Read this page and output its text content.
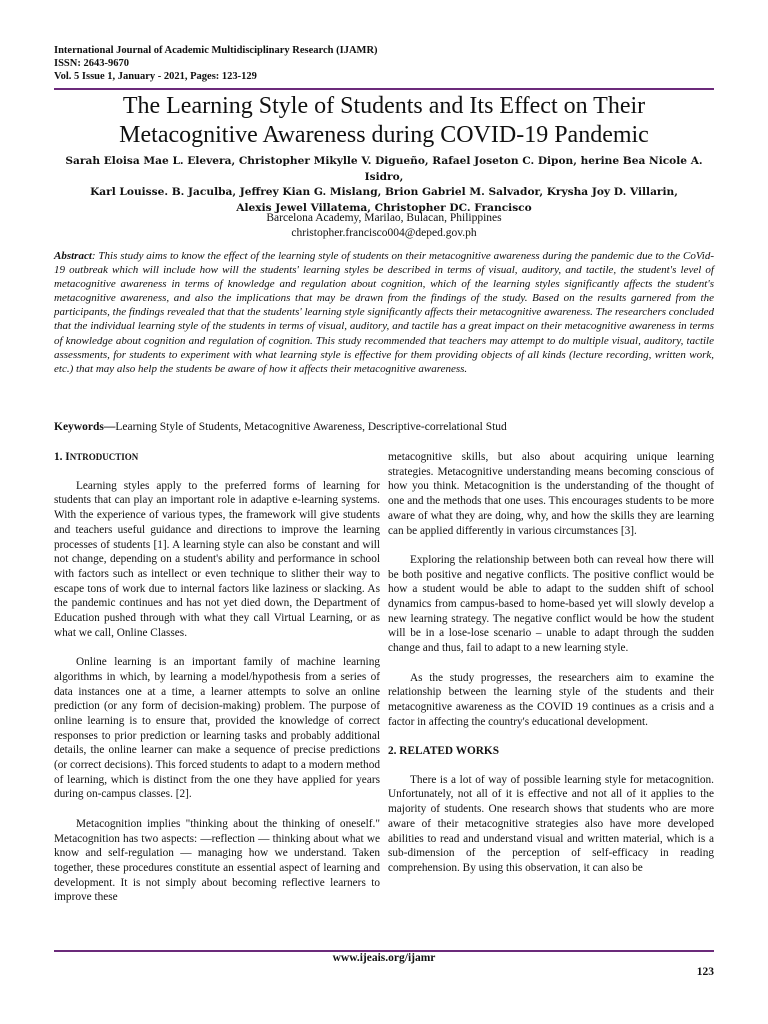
International Journal of Academic Multidisciplinary Research (IJAMR)
ISSN: 2643-9670
Vol. 5 Issue 1, January - 2021, Pages: 123-129
The Learning Style of Students and Its Effect on Their
Metacognitive Awareness during COVID-19 Pandemic
Sarah Eloisa Mae L. Elevera, Christopher Mikylle V. Digueño, Rafael Joseton C. Dipon, herine Bea Nicole A. Isidro,
Karl Louisse. B. Jaculba, Jeffrey Kian G. Mislang, Brion Gabriel M. Salvador, Krysha Joy D. Villarin,
Alexis Jewel Villatema, Christopher DC. Francisco
Barcelona Academy, Marilao, Bulacan, Philippines
christopher.francisco004@deped.gov.ph
Abstract: This study aims to know the effect of the learning style of students on their metacognitive awareness during the pandemic due to the CoVid-19 outbreak which will include how will the students' learning styles be described in terms of visual, auditory, and tactile, the student's level of metacognitive awareness in terms of knowledge and regulation about cognition, which of the learning styles significantly affects the student's metacognitive awareness, and also the implications that may be drawn from the findings of the study. Based on the results garnered from the participants, the findings revealed that that the students' learning style significantly affects their metacognitive awareness. The researchers concluded that the individual learning style of the students in terms of visual, auditory, and tactile has a great impact on their metacognitive awareness in terms of knowledge about cognition and regulation of cognition. This study recommended that teachers may attempt to do multiple visual, auditory, tactile assessments, for students to experiment with what learning style is effective for them providing objects of all kinds (lecture recording, written work, etc.) that may also help the students be aware of how it affects their metacognitive awareness.
Keywords—Learning Style of Students, Metacognitive Awareness, Descriptive-correlational Stud
1. INTRODUCTION

Learning styles apply to the preferred forms of learning for students that can play an important role in adaptive e-learning systems. With the experience of various types, the framework will give students and teachers useful guidance and directions to improve the learning processes of students [1]. A learning style can also be constant and will not change, depending on a student's ability and performance in school with factors such as intellect or even technique to slither their way to escape tons of work due to internal factors like laziness or slacking. As the pandemic continues and has not yet died down, the Department of Education pushed through with what they call Virtual Learning, or as what we call, Online Classes.

Online learning is an important family of machine learning algorithms in which, by learning a model/hypothesis from a series of data instances one at a time, a learner attempts to solve an online prediction (or any form of decision-making) problem. The purpose of online learning is to ensure that, provided the knowledge of correct responses to prior prediction or learning tasks and probably additional details, the online learner can make a sequence of precise predictions (or correct decisions). This forced students to adapt to a modern method of learning, which is distinct from the one they have applied for years during on-campus classes. [2].

Metacognition implies "thinking about the thinking of oneself." Metacognition has two aspects: —reflection — thinking about what we know and self-regulation — managing how we understand. Taken together, these procedures constitute an essential aspect of learning and development. It is not simply about becoming reflective learners to improve these

metacognitive skills, but also about acquiring unique learning strategies. Metacognitive understanding means becoming conscious of how you think. Metacognition is the understanding of the thought of one and the methods that one uses. This encourages students to be more aware of what they are doing, why, and how the skills they are learning can be applied differently in various circumstances [3].

Exploring the relationship between both can reveal how there will be both positive and negative conflicts. The positive conflict would be how a student would be able to adapt to the sudden shift of school dynamics from campus-based to home-based yet will slowly develop a new learning strategy. The negative conflict would be how the student will be in a lose-lose scenario – unable to adapt through the sudden change and thus, fail to adapt to a new learning style.

As the study progresses, the researchers aim to examine the relationship between the learning style of the students and their metacognitive awareness as the COVID 19 continues as a crisis and a factor in affecting the country's educational development.

2. RELATED WORKS

There is a lot of way of possible learning style for metacognition. Unfortunately, not all of it is effective and not all of it applies to the majority of students. One research shows that students who are more aware of their metacognitive strategies also have more developed abilities to read and understand visual and written material, which is a sub-dimension of the perception of self-efficacy in reading comprehension. By using this observation, it can also be

www.ijeais.org/ijamr
123
